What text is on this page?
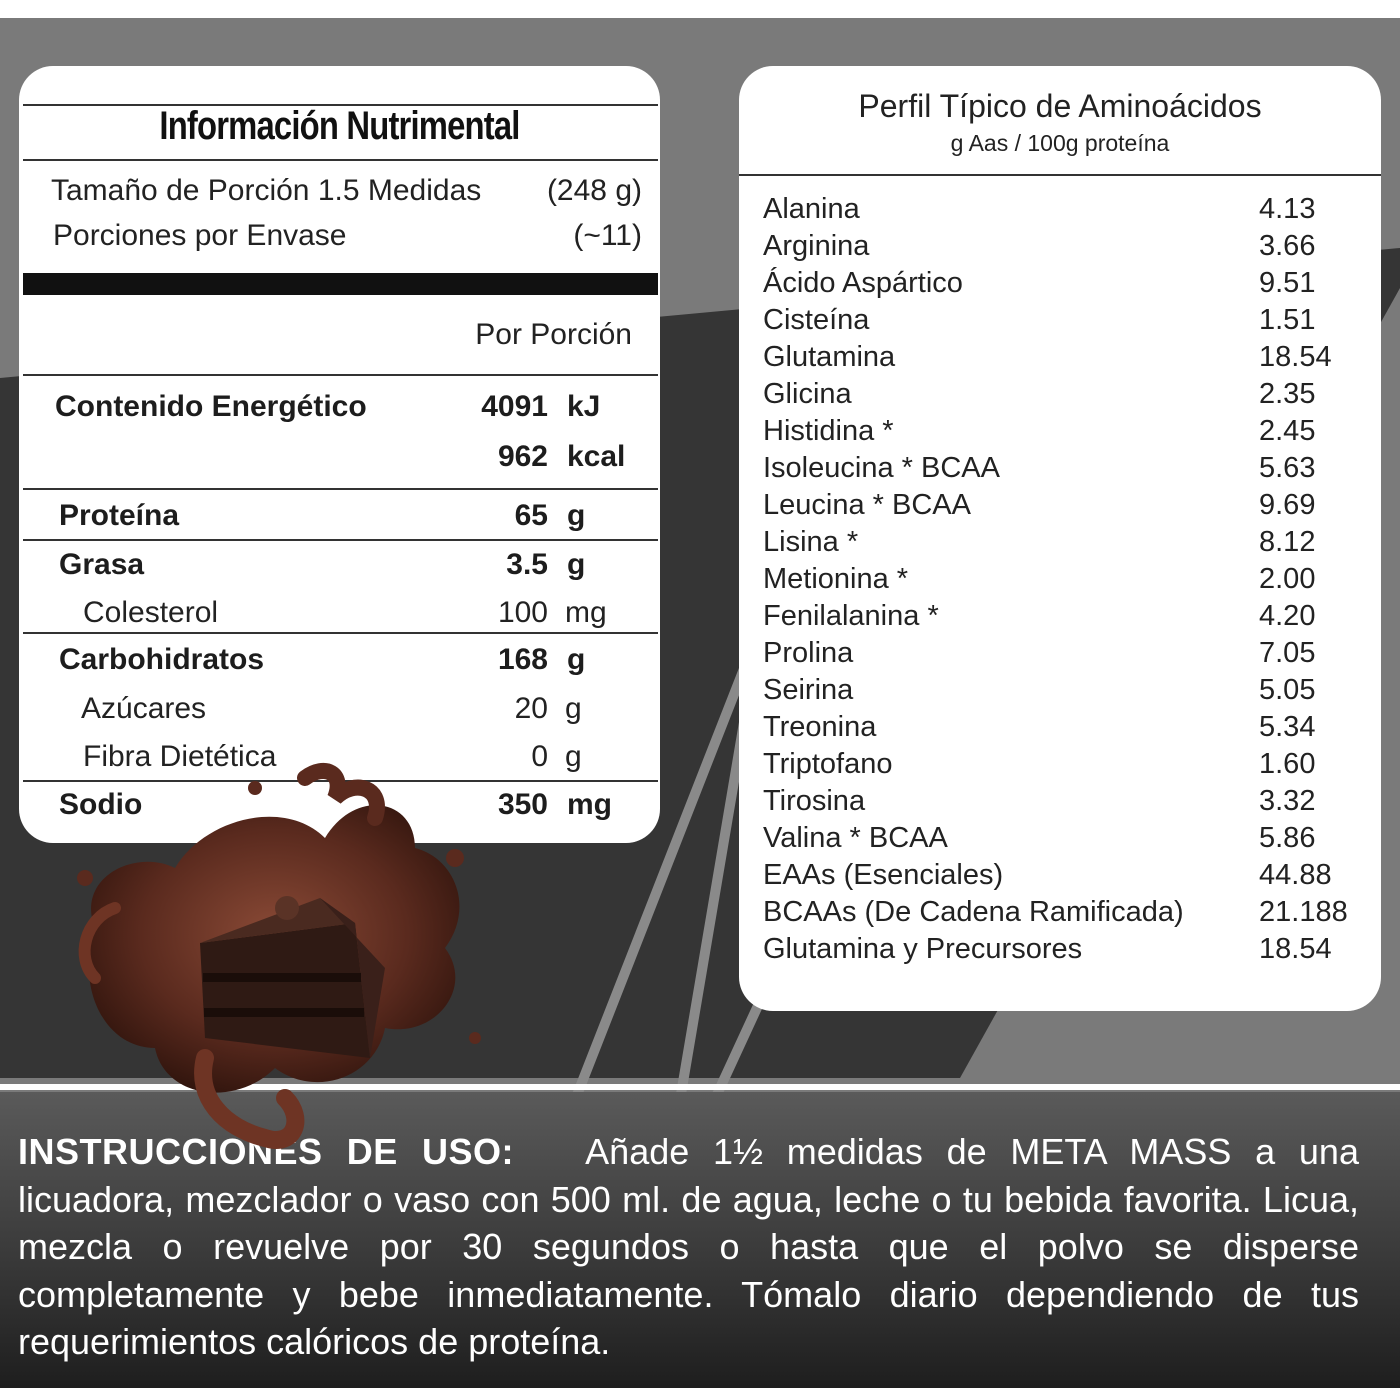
Información Nutrimental
Tamaño de Porción 1.5 Medidas (248 g)
Porciones por Envase	(~11)
Por Porción
Contenido Energético	4091 kJ
962 kcal
Proteína	65 g
Grasa	3.5 g
Colesterol	100 mg
Carbohidratos	168 g
Azúcares	20 g
Fibra Dietética	0 g
Sodio	350 mg
Perfil Típico de Aminoácidos
g Aas / 100g proteína
Alanina	4.13
Arginina	3.66
Ácido Aspártico	9.51
Cisteína	1.51
Glutamina	18.54
Glicina	2.35
Histidina *	2.45
Isoleucina * BCAA	5.63
Leucina * BCAA	9.69
Lisina *	8.12
Metionina *	2.00
Fenilalanina *	4.20
Prolina	7.05
Seirina	5.05
Treonina	5.34
Triptofano	1.60
Tirosina	3.32
Valina * BCAA	5.86
EAAs (Esenciales)	44.88
BCAAs (De Cadena Ramificada)	21.188
Glutamina y Precursores	18.54
INSTRUCCIONES DE USO: Añade 1½ medidas de META MASS a una licuadora, mezclador o vaso con 500 ml. de agua, leche o tu bebida favorita. Licua, mezcla o revuelve por 30 segundos o hasta que el polvo se disperse completamente y bebe inmediatamente. Tómalo diario dependiendo de tus requerimientos calóricos de proteína.
